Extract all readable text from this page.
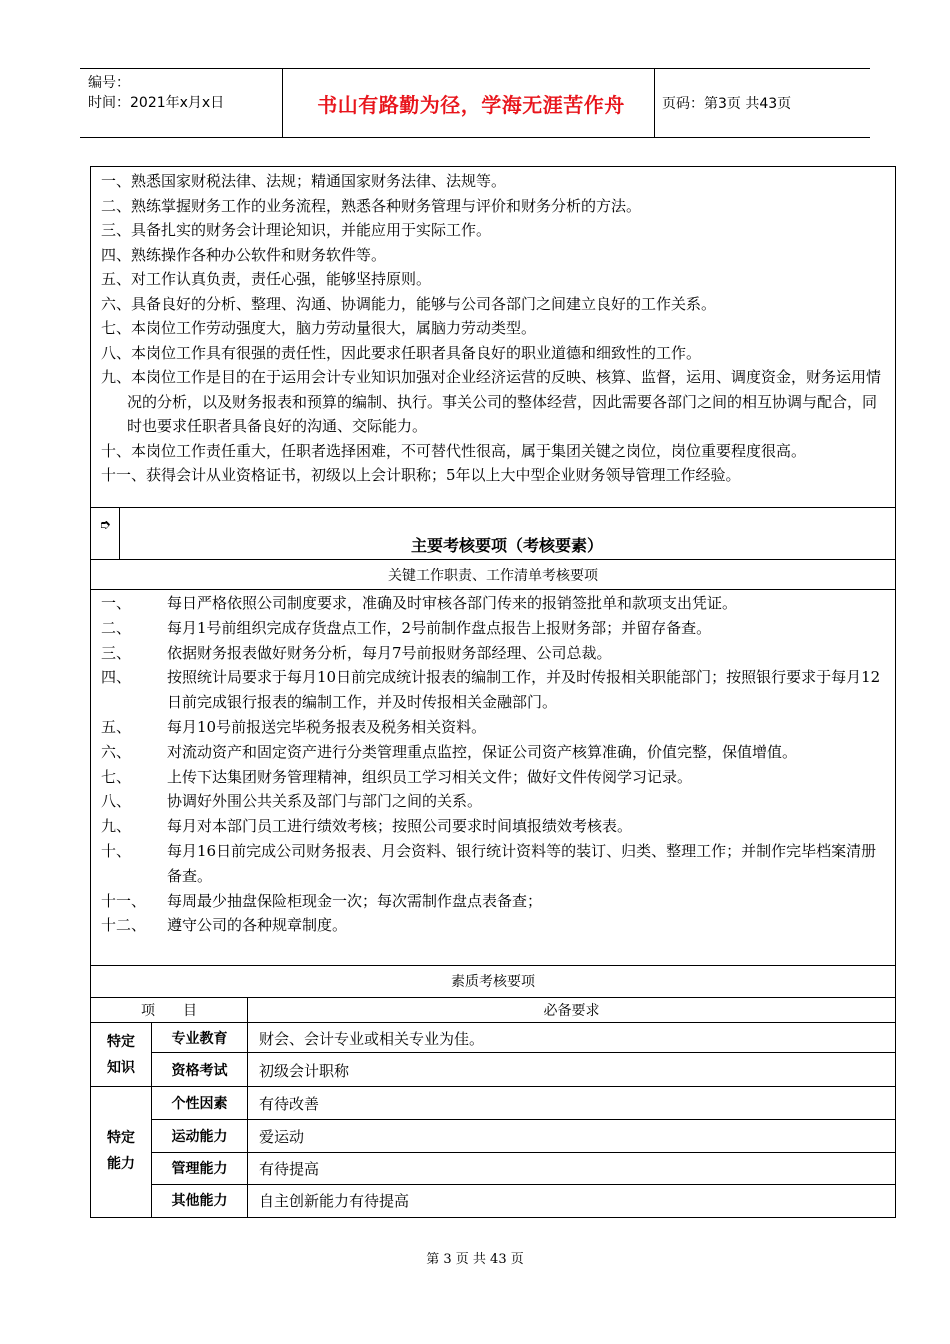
编号：
时间：2021年x月x日	书山有路勤为径，学海无涯苦作舟	页码：第3页 共43页
一、熟悉国家财税法律、法规；精通国家财务法律、法规等。
二、熟练掌握财务工作的业务流程，熟悉各种财务管理与评价和财务分析的方法。
三、具备扎实的财务会计理论知识，并能应用于实际工作。
四、熟练操作各种办公软件和财务软件等。
五、对工作认真负责，责任心强，能够坚持原则。
六、具备良好的分析、整理、沟通、协调能力，能够与公司各部门之间建立良好的工作关系。
七、本岗位工作劳动强度大，脑力劳动量很大，属脑力劳动类型。
八、本岗位工作具有很强的责任性，因此要求任职者具备良好的职业道德和细致性的工作。
九、本岗位工作是目的在于运用会计专业知识加强对企业经济运营的反映、核算、监督，运用、调度资金，财务运用情况的分析，以及财务报表和预算的编制、执行。事关公司的整体经营，因此需要各部门之间的相互协调与配合，同时也要求任职者具备良好的沟通、交际能力。
十、本岗位工作责任重大，任职者选择困难，不可替代性很高，属于集团关键之岗位，岗位重要程度很高。
十一、获得会计从业资格证书，初级以上会计职称；5年以上大中型企业财务领导管理工作经验。
➮
主要考核要项（考核要素）
关键工作职责、工作清单考核要项
一、	每日严格依照公司制度要求，准确及时审核各部门传来的报销签批单和款项支出凭证。
二、	每月1号前组织完成存货盘点工作，2号前制作盘点报告上报财务部；并留存备查。
三、	依据财务报表做好财务分析，每月7号前报财务部经理、公司总裁。
四、	按照统计局要求于每月10日前完成统计报表的编制工作，并及时传报相关职能部门；按照银行要求于每月12日前完成银行报表的编制工作，并及时传报相关金融部门。
五、	每月10号前报送完毕税务报表及税务相关资料。
六、	对流动资产和固定资产进行分类管理重点监控，保证公司资产核算准确，价值完整，保值增值。
七、	上传下达集团财务管理精神，组织员工学习相关文件；做好文件传阅学习记录。
八、	协调好外围公共关系及部门与部门之间的关系。
九、	每月对本部门员工进行绩效考核；按照公司要求时间填报绩效考核表。
十、	每月16日前完成公司财务报表、月会资料、银行统计资料等的装订、归类、整理工作；并制作完毕档案清册备查。
十一、	每周最少抽盘保险柜现金一次；每次需制作盘点表备查；
十二、	遵守公司的各种规章制度。
素质考核要项
项　　目	必备要求
特定知识
专业教育	财会、会计专业或相关专业为佳。
资格考试	初级会计职称
特定能力
个性因素	有待改善
运动能力	爱运动
管理能力	有待提高
其他能力	自主创新能力有待提高
第 3 页 共 43 页
